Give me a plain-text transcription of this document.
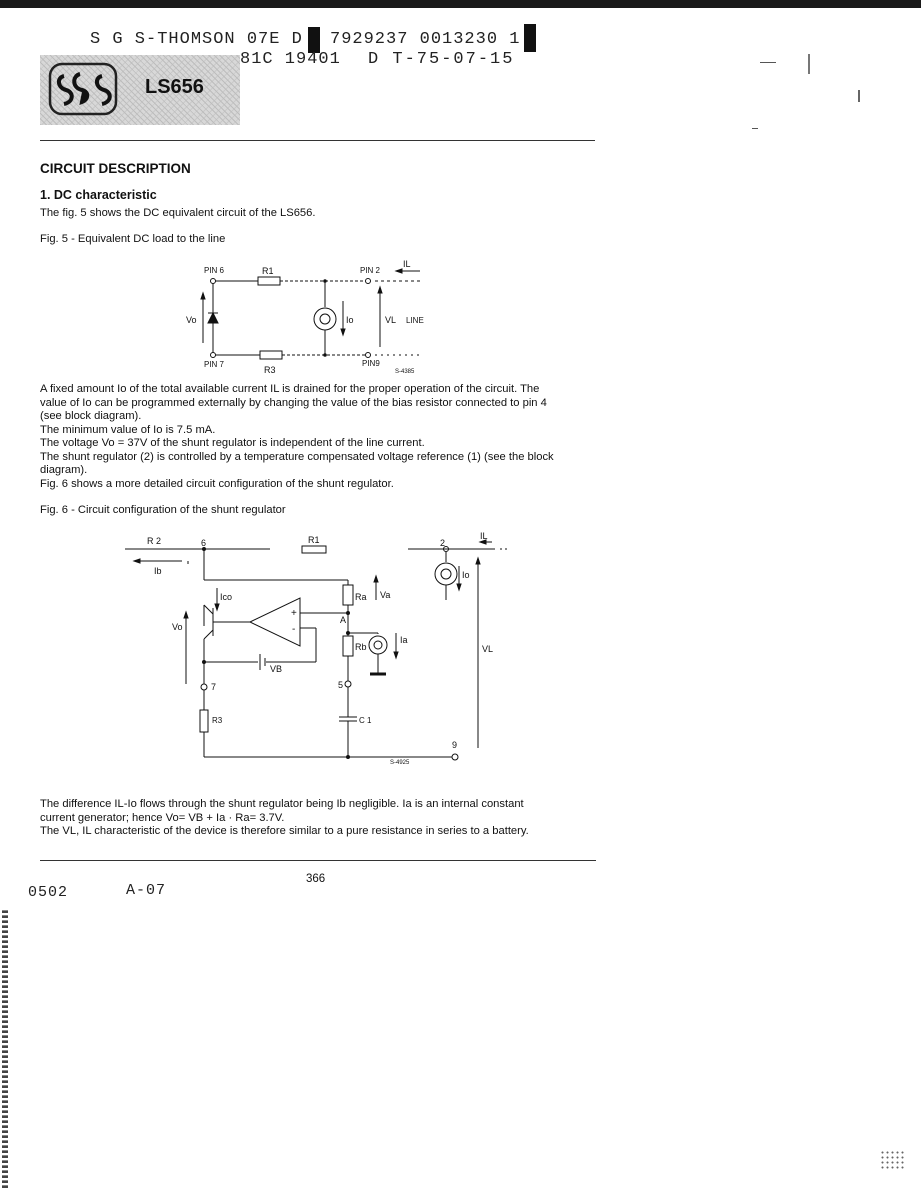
S G S-THOMSON 07E D 7929237 0013230 1
81C 19401 D T-75-07-15
LS656
CIRCUIT DESCRIPTION
1. DC characteristic
The fig. 5 shows the DC equivalent circuit of the LS656.
Fig. 5 - Equivalent DC load to the line
PIN 6	R1	PIN 2
IL
Vo	Io	VL LINE
PIN 7
R3
PIN9
S-4385
A fixed amount Io of the total available current IL is drained for the proper operation of the circuit. The
value of Io can be programmed externally by changing the value of the bias resistor connected to pin 4
(see block diagram).
The minimum value of Io is 7.5 mA.
The voltage Vo = 37V of the shunt regulator is independent of the line current.
The shunt regulator (2) is controlled by a temperature compensated voltage reference (1) (see the block
diagram).
Fig. 6 shows a more detailed circuit configuration of the shunt regulator.
Fig. 6 - Circuit configuration of the shunt regulator
R 2	6	R1	2
IL
Ib	Io
Ico
Vo
Ra Va
+
-
A
Rb
Ia
VL
VB
7	5
R3	C 1
9
S-4925
The difference IL-Io flows through the shunt regulator being Ib negligible. Ia is an internal constant
current generator; hence Vo= VB + Ia · Ra= 3.7V.
The VL, IL characteristic of the device is therefore similar to a pure resistance in series to a battery.
366
0502	A-07
